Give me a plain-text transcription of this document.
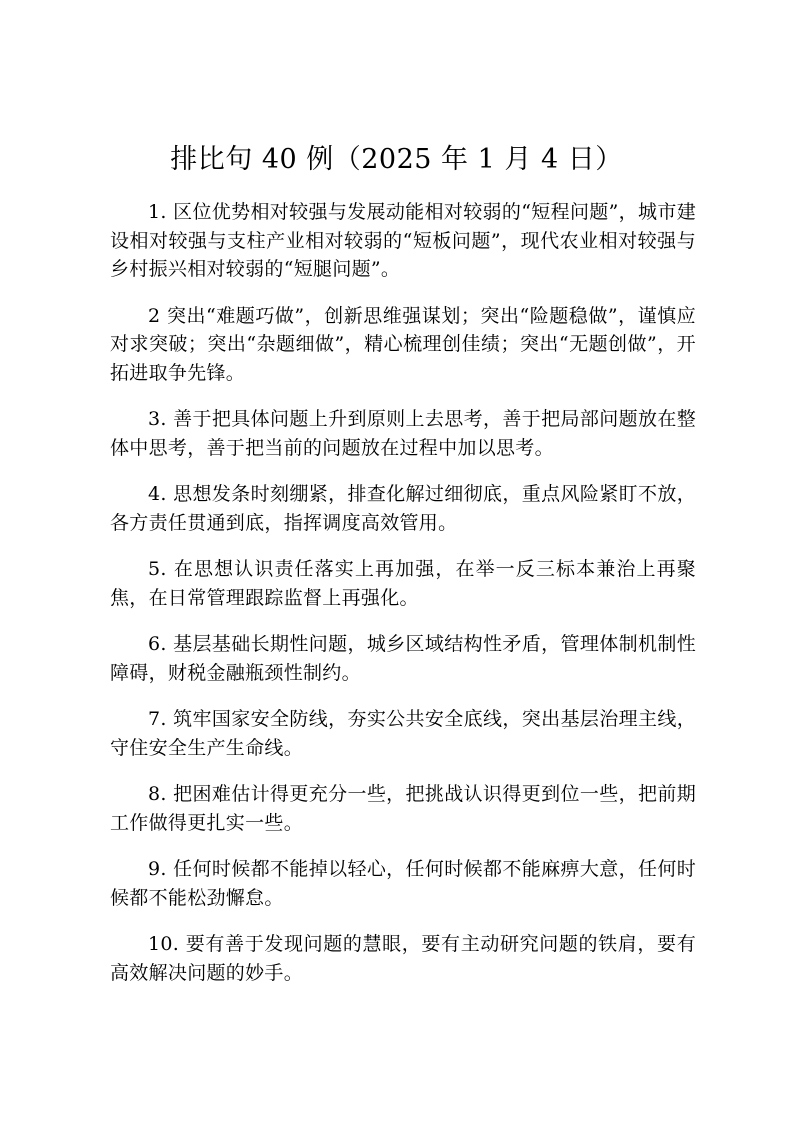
排比句 40 例（2025 年 1 月 4 日）

1. 区位优势相对较强与发展动能相对较弱的“短程问题”，城市建设相对较强与支柱产业相对较弱的“短板问题”，现代农业相对较强与乡村振兴相对较弱的“短腿问题”。

2 突出“难题巧做”，创新思维强谋划；突出“险题稳做”，谨慎应对求突破；突出“杂题细做”，精心梳理创佳绩；突出“无题创做”，开拓进取争先锋。

3. 善于把具体问题上升到原则上去思考，善于把局部问题放在整体中思考，善于把当前的问题放在过程中加以思考。

4. 思想发条时刻绷紧，排查化解过细彻底，重点风险紧盯不放，各方责任贯通到底，指挥调度高效管用。

5. 在思想认识责任落实上再加强，在举一反三标本兼治上再聚焦，在日常管理跟踪监督上再强化。

6. 基层基础长期性问题，城乡区域结构性矛盾，管理体制机制性障碍，财税金融瓶颈性制约。

7. 筑牢国家安全防线，夯实公共安全底线，突出基层治理主线，守住安全生产生命线。

8. 把困难估计得更充分一些，把挑战认识得更到位一些，把前期工作做得更扎实一些。

9. 任何时候都不能掉以轻心，任何时候都不能麻痹大意，任何时候都不能松劲懈怠。

10. 要有善于发现问题的慧眼，要有主动研究问题的铁肩，要有高效解决问题的妙手。
